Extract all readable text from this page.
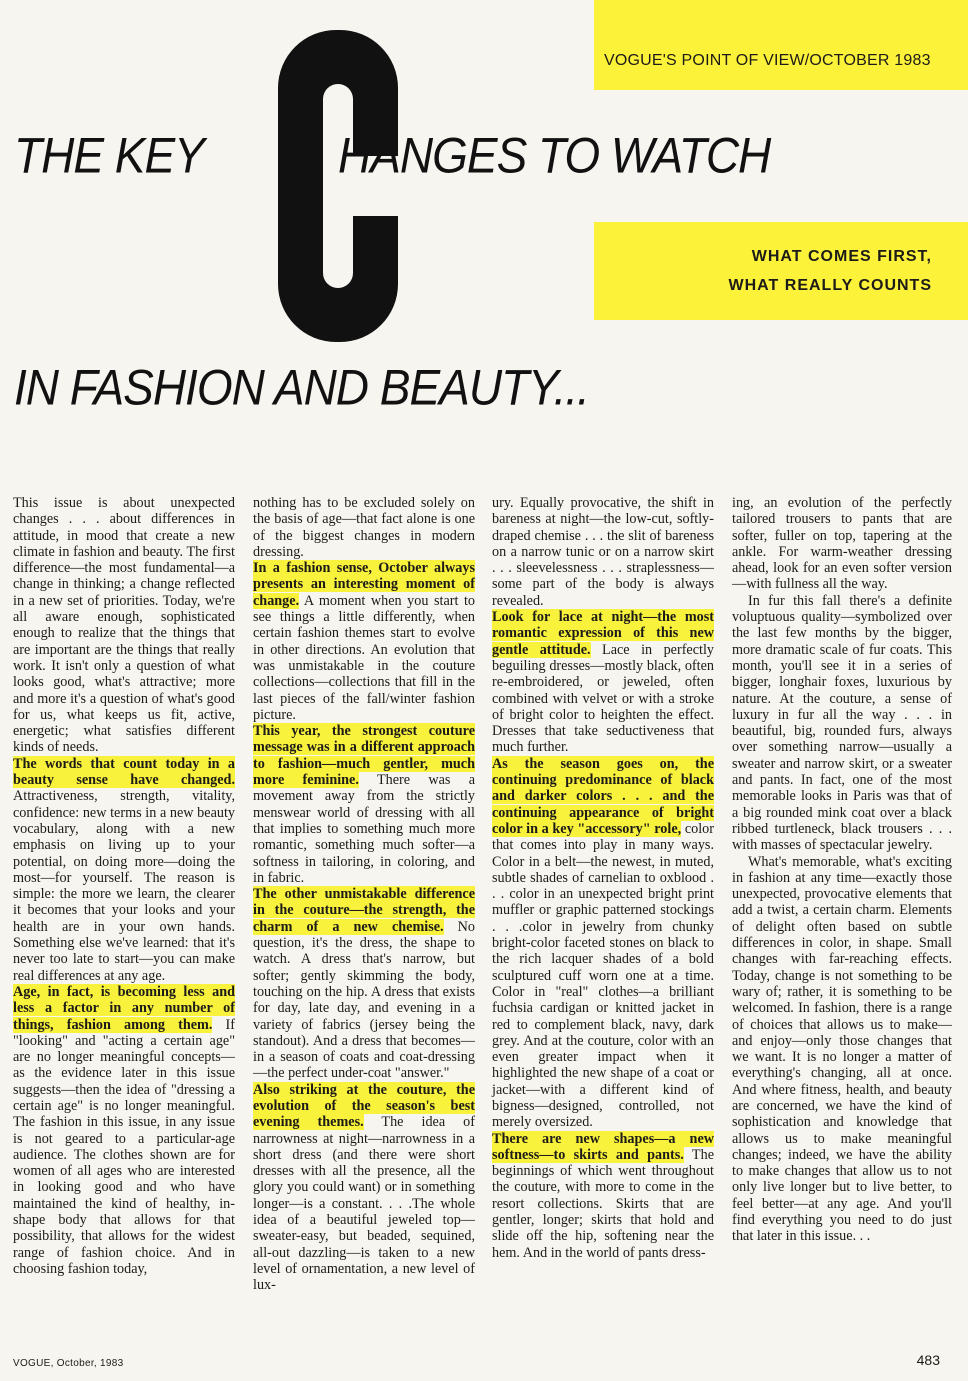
VOGUE'S POINT OF VIEW/OCTOBER 1983
THE KEY	HANGES TO WATCH
WHAT COMES FIRST,
WHAT REALLY COUNTS
IN FASHION AND BEAUTY...

This issue is about unexpected changes . . . about differences in attitude, in mood that create a new climate in fashion and beauty. The first difference—the most fundamental—a change in thinking; a change reflected in a new set of priorities. Today, we're all aware enough, sophisticated enough to realize that the things that are important are the things that really work. It isn't only a question of what looks good, what's attractive; more and more it's a question of what's good for us, what keeps us fit, active, energetic; what satisfies different kinds of needs.

The words that count today in a beauty sense have changed. Attractiveness, strength, vitality, confidence: new terms in a new beauty vocabulary, along with a new emphasis on living up to your potential, on doing more—doing the most—for yourself. The reason is simple: the more we learn, the clearer it becomes that your looks and your health are in your own hands. Something else we've learned: that it's never too late to start—you can make real differences at any age.

Age, in fact, is becoming less and less a factor in any number of things, fashion among them. If "looking" and "acting a certain age" are no longer meaningful concepts—as the evidence later in this issue suggests—then the idea of "dressing a certain age" is no longer meaningful. The fashion in this issue, in any issue is not geared to a particular-age audience. The clothes shown are for women of all ages who are interested in looking good and who have maintained the kind of healthy, in-shape body that allows for that possibility, that allows for the widest range of fashion choice. And in choosing fashion today,

nothing has to be excluded solely on the basis of age—that fact alone is one of the biggest changes in modern dressing.

In a fashion sense, October always presents an interesting moment of change. A moment when you start to see things a little differently, when certain fashion themes start to evolve in other directions. An evolution that was unmistakable in the couture collections—collections that fill in the last pieces of the fall/winter fashion picture.

This year, the strongest couture message was in a different approach to fashion—much gentler, much more feminine. There was a movement away from the strictly menswear world of dressing with all that implies to something much more romantic, something much softer—a softness in tailoring, in coloring, and in fabric.

The other unmistakable difference in the couture—the strength, the charm of a new chemise. No question, it's the dress, the shape to watch. A dress that's narrow, but softer; gently skimming the body, touching on the hip. A dress that exists for day, late day, and evening in a variety of fabrics (jersey being the standout). And a dress that becomes—in a season of coats and coat-dressing—the perfect under-coat "answer."

Also striking at the couture, the evolution of the season's best evening themes. The idea of narrowness at night—narrowness in a short dress (and there were short dresses with all the presence, all the glory you could want) or in something longer—is a constant. . . .The whole idea of a beautiful jeweled top—sweater-easy, but beaded, sequined, all-out dazzling—is taken to a new level of ornamentation, a new level of lux-

ury. Equally provocative, the shift in bareness at night—the low-cut, softly-draped chemise . . . the slit of bareness on a narrow tunic or on a narrow skirt . . . sleevelessness . . . straplessness—some part of the body is always revealed.

Look for lace at night—the most romantic expression of this new gentle attitude. Lace in perfectly beguiling dresses—mostly black, often re-embroidered, or jeweled, often combined with velvet or with a stroke of bright color to heighten the effect. Dresses that take seductiveness that much further.

As the season goes on, the continuing predominance of black and darker colors . . . and the continuing appearance of bright color in a key "accessory" role, color that comes into play in many ways. Color in a belt—the newest, in muted, subtle shades of carnelian to oxblood . . . color in an unexpected bright print muffler or graphic patterned stockings . . .color in jewelry from chunky bright-color faceted stones on black to the rich lacquer shades of a bold sculptured cuff worn one at a time. Color in "real" clothes—a brilliant fuchsia cardigan or knitted jacket in red to complement black, navy, dark grey. And at the couture, color with an even greater impact when it highlighted the new shape of a coat or jacket—with a different kind of bigness—designed, controlled, not merely oversized.

There are new shapes—a new softness—to skirts and pants. The beginnings of which went throughout the couture, with more to come in the resort collections. Skirts that are gentler, longer; skirts that hold and slide off the hip, softening near the hem. And in the world of pants dress-

ing, an evolution of the perfectly tailored trousers to pants that are softer, fuller on top, tapering at the ankle. For warm-weather dressing ahead, look for an even softer version—with fullness all the way.

In fur this fall there's a definite voluptuous quality—symbolized over the last few months by the bigger, more dramatic scale of fur coats. This month, you'll see it in a series of bigger, longhair foxes, luxurious by nature. At the couture, a sense of luxury in fur all the way . . . in beautiful, big, rounded furs, always over something narrow—usually a sweater and narrow skirt, or a sweater and pants. In fact, one of the most memorable looks in Paris was that of a big rounded mink coat over a black ribbed turtleneck, black trousers . . . with masses of spectacular jewelry.

What's memorable, what's exciting in fashion at any time—exactly those unexpected, provocative elements that add a twist, a certain charm. Elements of delight often based on subtle differences in color, in shape. Small changes with far-reaching effects. Today, change is not something to be wary of; rather, it is something to be welcomed. In fashion, there is a range of choices that allows us to make—and enjoy—only those changes that we want. It is no longer a matter of everything's changing, all at once. And where fitness, health, and beauty are concerned, we have the kind of sophistication and knowledge that allows us to make meaningful changes; indeed, we have the ability to make changes that allow us to not only live longer but to live better, to feel better—at any age. And you'll find everything you need to do just that later in this issue. . .

VOGUE, October, 1983	483
